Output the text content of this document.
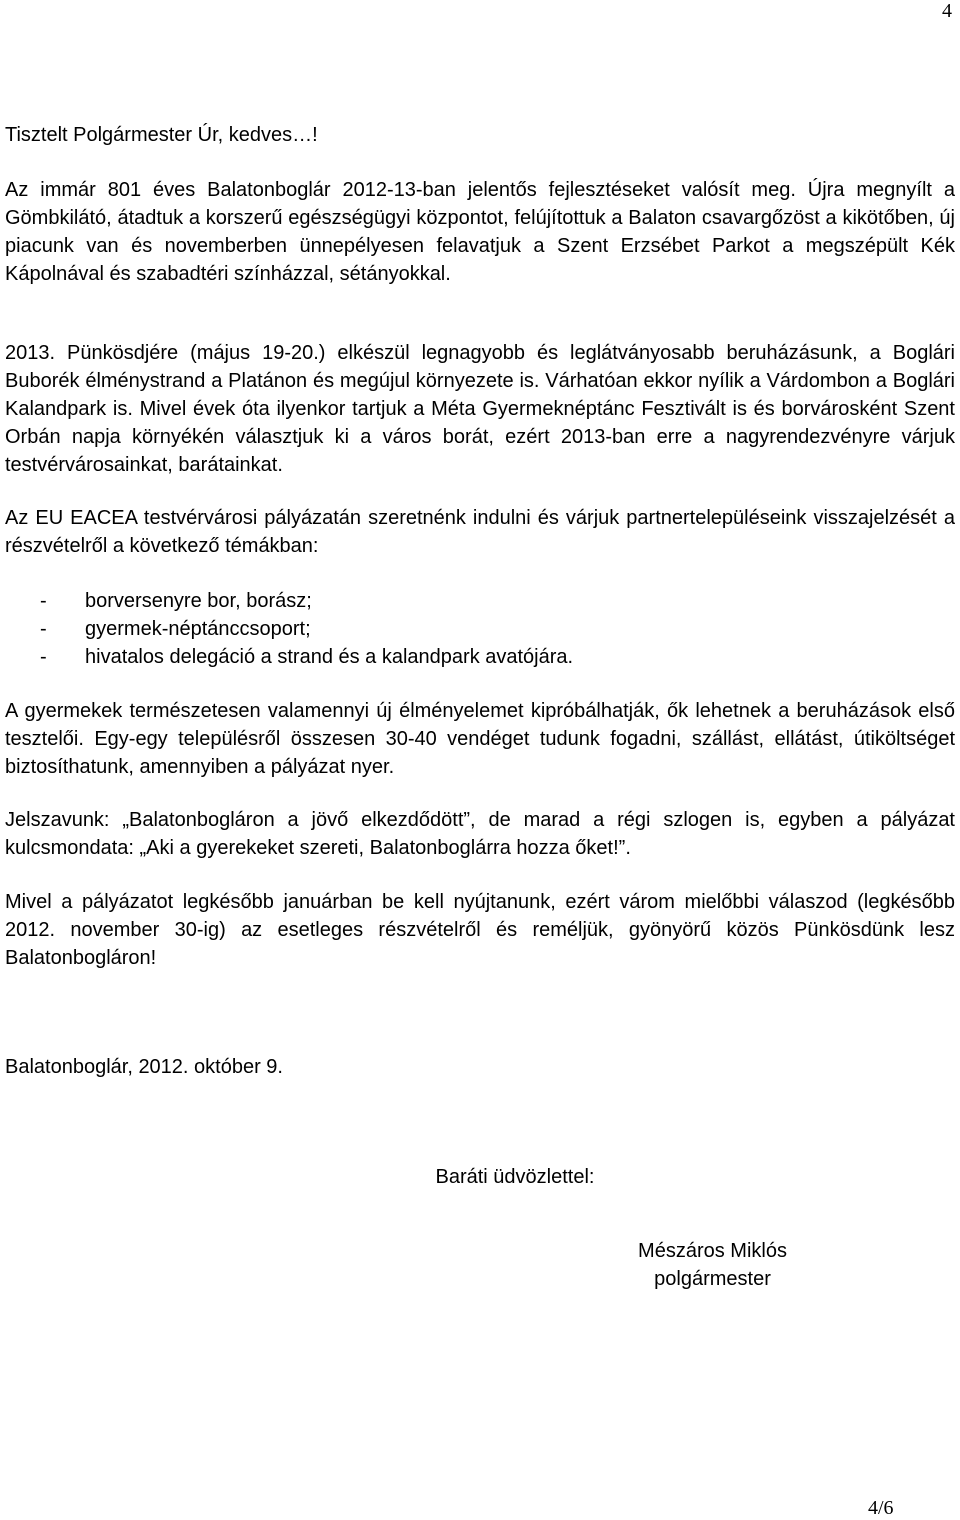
4

Tisztelt Polgármester Úr, kedves…!

Az immár 801 éves Balatonboglár 2012-13-ban jelentős fejlesztéseket valósít meg. Újra megnyílt a Gömbkilátó, átadtuk a korszerű egészségügyi központot, felújítottuk a Balaton csavargőzöst a kikötőben, új piacunk van és novemberben ünnepélyesen felavatjuk a Szent Erzsébet Parkot a megszépült Kék Kápolnával és szabadtéri színházzal, sétányokkal.

2013. Pünkösdjére (május 19-20.) elkészül legnagyobb és leglátványosabb beruházásunk, a Boglári Buborék élménystrand a Platánon és megújul környezete is. Várhatóan ekkor nyílik a Várdombon a Boglári Kalandpark is. Mivel évek óta ilyenkor tartjuk a Méta Gyermeknéptánc Fesztivált is és borvárosként Szent Orbán napja környékén választjuk ki a város borát, ezért 2013-ban erre a nagyrendezvényre várjuk testvérvárosainkat, barátainkat.

Az EU EACEA testvérvárosi pályázatán szeretnénk indulni és várjuk partnertelepüléseink visszajelzését a részvételről a következő témákban:

-	borversenyre bor, borász;
-	gyermek-néptánccsoport;
-	hivatalos delegáció a strand és a kalandpark avatójára.

A gyermekek természetesen valamennyi új élményelemet kipróbálhatják, ők lehetnek a beruházások első tesztelői. Egy-egy településről összesen 30-40 vendéget tudunk fogadni, szállást, ellátást, útiköltséget biztosíthatunk, amennyiben a pályázat nyer.

Jelszavunk: „Balatonbogláron a jövő elkezdődött”, de marad a régi szlogen is, egyben a pályázat kulcsmondata: „Aki a gyerekeket szereti, Balatonboglárra hozza őket!”.

Mivel a pályázatot legkésőbb januárban be kell nyújtanunk, ezért várom mielőbbi válaszod (legkésőbb 2012. november 30-ig) az esetleges részvételről és reméljük, gyönyörű közös Pünkösdünk lesz Balatonbogláron!

Balatonboglár, 2012. október 9.

Baráti üdvözlettel:
Mészáros Miklós
polgármester
4/6
